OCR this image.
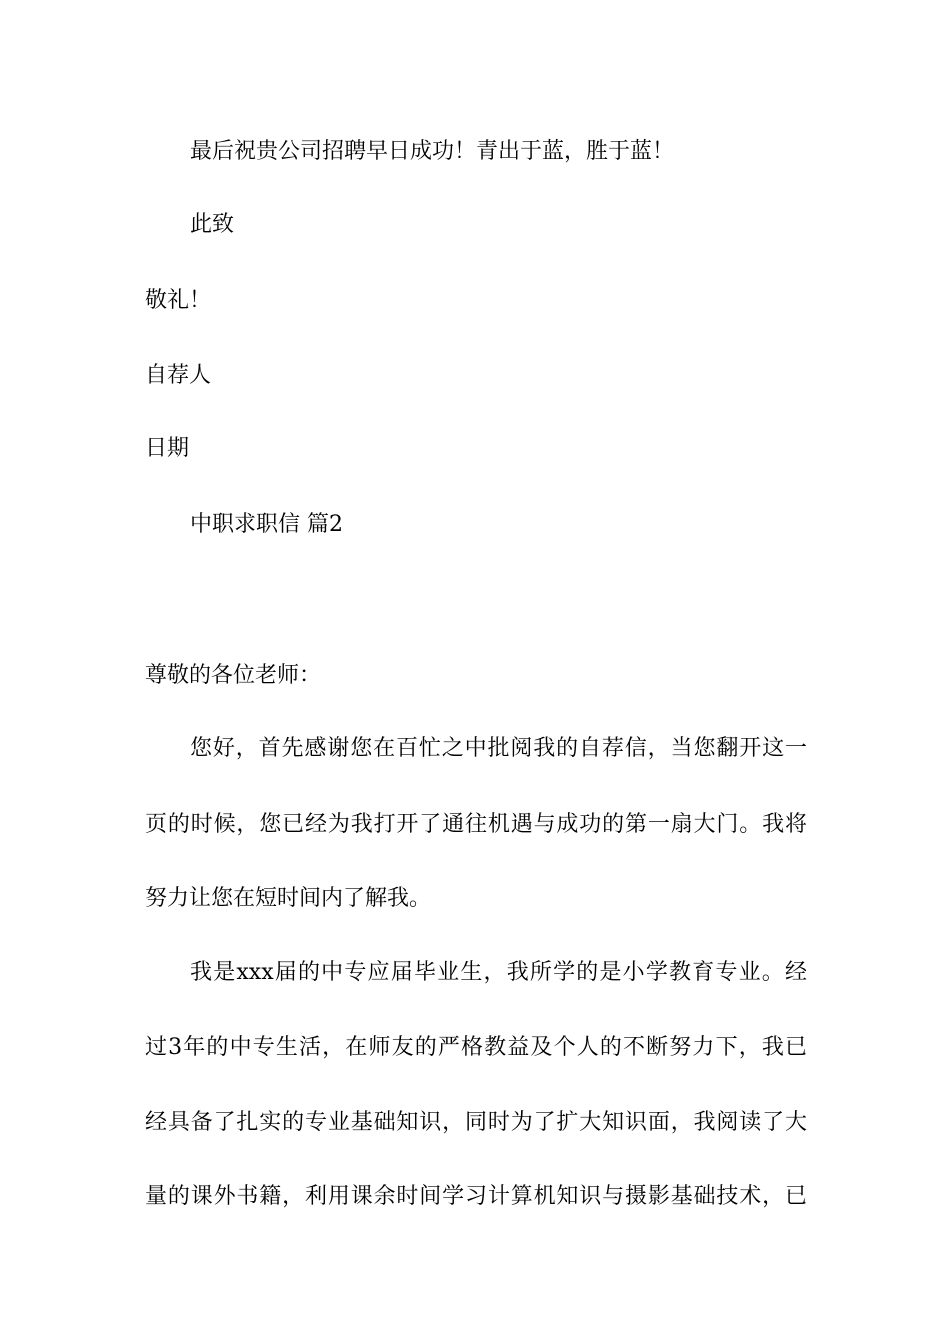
最后祝贵公司招聘早日成功！青出于蓝，胜于蓝！
此致
敬礼！
自荐人
日期
中职求职信 篇2
尊敬的各位老师：
您好，首先感谢您在百忙之中批阅我的自荐信，当您翻开这一
页的时候，您已经为我打开了通往机遇与成功的第一扇大门。我将
努力让您在短时间内了解我。
我是xxx届的中专应届毕业生，我所学的是小学教育专业。经
过3年的中专生活，在师友的严格教益及个人的不断努力下，我已
经具备了扎实的专业基础知识，同时为了扩大知识面，我阅读了大
量的课外书籍，利用课余时间学习计算机知识与摄影基础技术，已
